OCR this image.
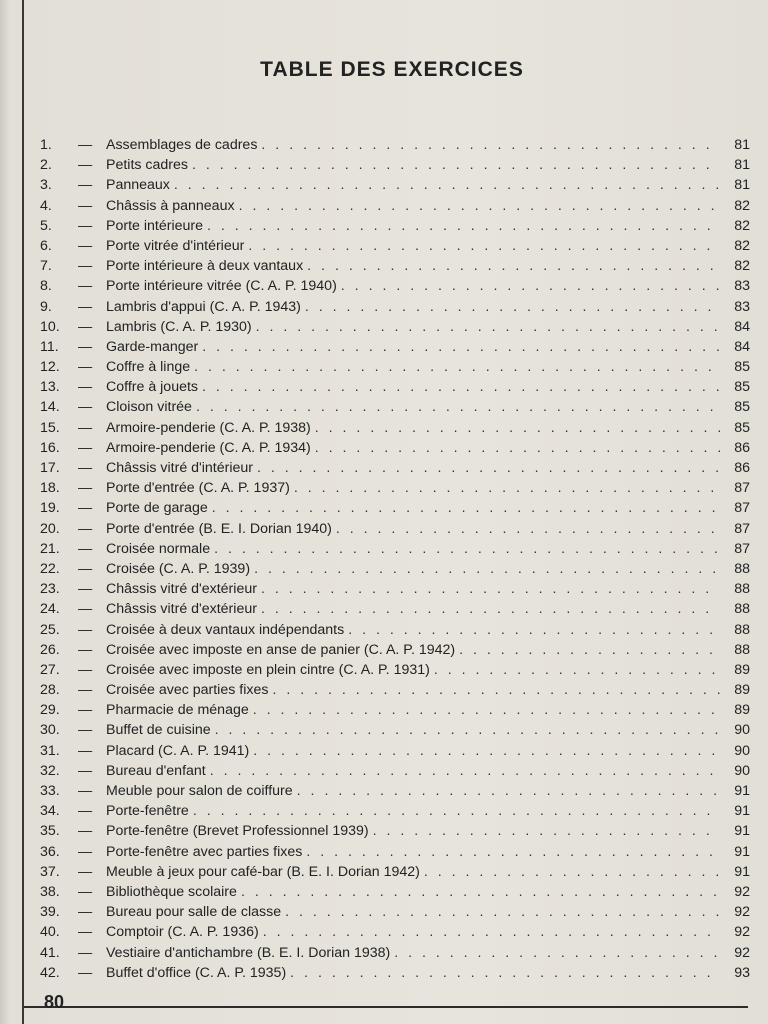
TABLE DES EXERCICES
1.	— Assemblages de cadres . . .	81
2.	— Petits cadres . . .	81
3.	— Panneaux . . .	81
4.	— Châssis à panneaux . . .	82
5.	— Porte intérieure . . .	82
6.	— Porte vitrée d'intérieur . . .	82
7.	— Porte intérieure à deux vantaux . . .	82
8.	— Porte intérieure vitrée (C. A. P. 1940) . . .	83
9.	— Lambris d'appui (C. A. P. 1943) . . .	83
10.	— Lambris (C. A. P. 1930) . . .	84
11.	— Garde-manger . . .	84
12.	— Coffre à linge . . .	85
13.	— Coffre à jouets . . .	85
14.	— Cloison vitrée . . .	85
15.	— Armoire-penderie (C. A. P. 1938) . . .	85
16.	— Armoire-penderie (C. A. P. 1934) . . .	86
17.	— Châssis vitré d'intérieur . . .	86
18.	— Porte d'entrée (C. A. P. 1937) . . .	87
19.	— Porte de garage . . .	87
20.	— Porte d'entrée (B. E. I. Dorian 1940) . . .	87
21.	— Croisée normale . . .	87
22.	— Croisée (C. A. P. 1939) . . .	88
23.	— Châssis vitré d'extérieur . . .	88
24.	— Châssis vitré d'extérieur . . .	88
25.	— Croisée à deux vantaux indépendants . . .	88
26.	— Croisée avec imposte en anse de panier (C. A. P. 1942) . . .	88
27.	— Croisée avec imposte en plein cintre (C. A. P. 1931) . . .	89
28.	— Croisée avec parties fixes . . .	89
29.	— Pharmacie de ménage . . .	89
30.	— Buffet de cuisine . . .	90
31.	— Placard (C. A. P. 1941) . . .	90
32.	— Bureau d'enfant . . .	90
33.	— Meuble pour salon de coiffure . . .	91
34.	— Porte-fenêtre . . .	91
35.	— Porte-fenêtre (Brevet Professionnel 1939) . . .	91
36.	— Porte-fenêtre avec parties fixes . . .	91
37.	— Meuble à jeux pour café-bar (B. E. I. Dorian 1942) . . .	91
38.	— Bibliothèque scolaire . . .	92
39.	— Bureau pour salle de classe . . .	92
40.	— Comptoir (C. A. P. 1936) . . .	92
41.	— Vestiaire d'antichambre (B. E. I. Dorian 1938) . . .	92
42.	— Buffet d'office (C. A. P. 1935) . . .	93
80
